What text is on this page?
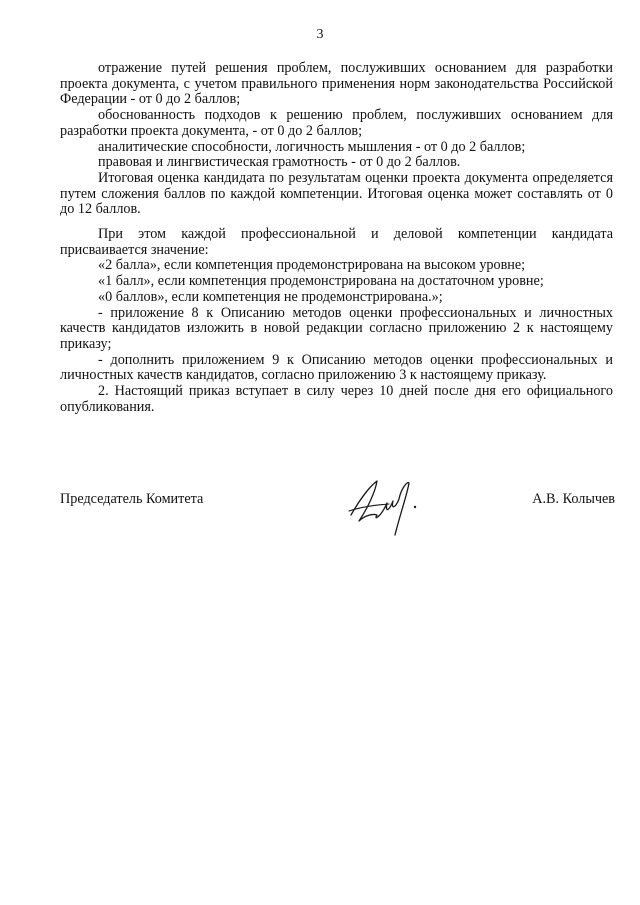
3

отражение путей решения проблем, послуживших основанием для разработки проекта документа, с учетом правильного применения норм законодательства Российской Федерации - от 0 до 2 баллов;

обоснованность подходов к решению проблем, послуживших основанием для разработки проекта документа, - от 0 до 2 баллов;

аналитические способности, логичность мышления - от 0 до 2 баллов;

правовая и лингвистическая грамотность - от 0 до 2 баллов.

Итоговая оценка кандидата по результатам оценки проекта документа определяется путем сложения баллов по каждой компетенции. Итоговая оценка может составлять от 0 до 12 баллов.

При этом каждой профессиональной и деловой компетенции кандидата присваивается значение:

«2 балла», если компетенция продемонстрирована на высоком уровне;

«1 балл», если компетенция продемонстрирована на достаточном уровне;

«0 баллов», если компетенция не продемонстрирована.»;

- приложение 8 к Описанию методов оценки профессиональных и личностных качеств кандидатов изложить в новой редакции согласно приложению 2 к настоящему приказу;

- дополнить приложением 9 к Описанию методов оценки профессиональных и личностных качеств кандидатов, согласно приложению 3 к настоящему приказу.

2. Настоящий приказ вступает в силу через 10 дней после дня его официального опубликования.

Председатель Комитета	А.В. Колычев
